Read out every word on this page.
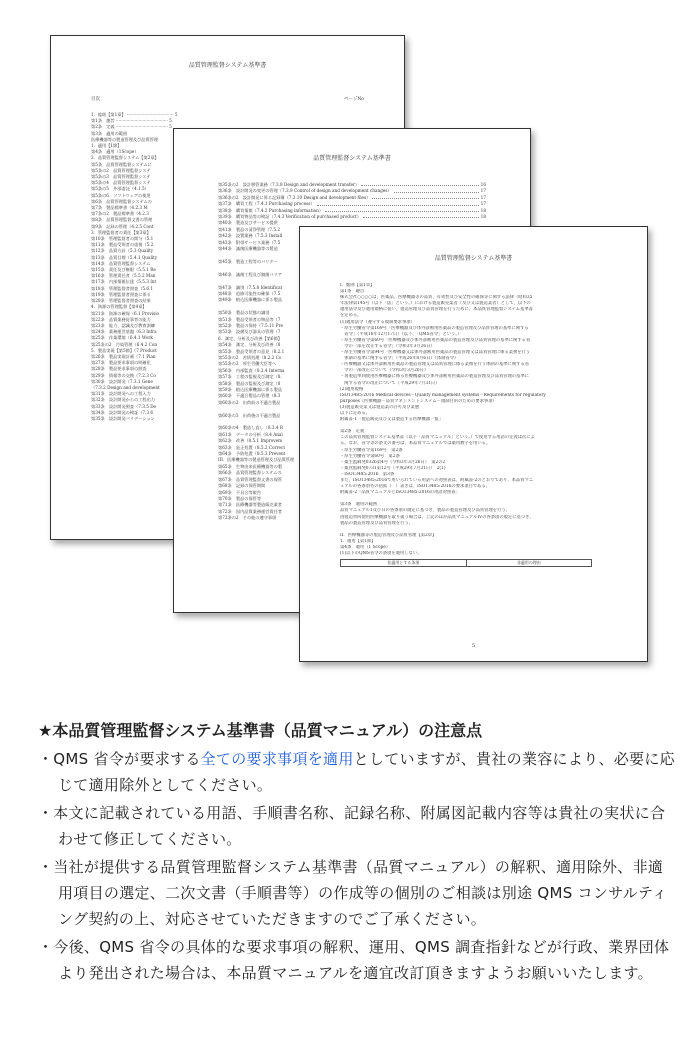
品質管理監督システム基準書
目次	ページNo
1．総則【第1章】 ··································· 5
第1条　趣旨 ······································· 5
第2条　定義 ······································· 5
第3条　適用の範囲
医療機器等の製造管理及び品質管理
1．適用【1節】
第4条　適用（1Scope）
2．品質管理監督システム【第2章】
第5条　品質管理監督システムに
第5条の2　品質管理監督システ
第5条の3　品質管理監督システ
第5条の4　品質管理監督システ
第5条の5　外部委託（4.1.5）
第5条の6　ソフトウェアの使用
第6条　品質管理監督システムの
第7条　製品標準書（4.2.3 M
第7条の2　製品標準書（4.2.3
第8条　品質管理監督文書の管理
第9条　記録の管理（4.2.5 Cont
3．管理監督者の責任【第3章】
第10条　管理監督者の関与（5.1
第11条　製品受領者の重視（5.2
第12条　品質方針（5.3 Quality
第13条　品質目標（5.4.1 Quality
第14条　品質管理監督システム
第15条　責任及び権限（5.5.1 Re
第16条　管理責任者（5.5.2 Man
第17条　内部情報伝達（5.5.3 Int
第18条　管理監督者照査（5.6.1
第19条　管理監督者照査に係る
第20条　管理監督者照査の結果
4．資源の管理監督【第4章】
第21条　資源の確保（6.1 Provisio
第22条　品質業務従事者の能力
第23条　能力、認識及び教育訓練
第24条　業務運営基盤（6.3 Infra
第25条　作業環境（6.4.1 Work
第25条の2　汚染管理（6.4.2 Con
5．製品実現【第5節】（7 Product
第26条　製品実現計画（7.1 Plan
第27条　製品要求事項の明確化
第28条　製品要求事項の照査
第29条　情報等の交換（7.2.3 Co
第30条　設計開発（7.3.1 Gene
（7.3.2 Design and development
第31条　設計開発への工程入力
第32条　設計開発からの工程出力
第33条　設計開発照査（7.3.5 De
第34条　設計開発の検証（7.3.6
第35条　設計開発バリデーション
品質管理監督システム基準書
第35条の2　設計移管業務（7.3.8 Design and development transfer）	16
第36条　設計開発の変更の管理（7.3.9 Control of design and development changes）	17
第36条の2　設計開発に係る記録簿（7.3.10 Design and development files）	17
第37条　購買工程（7.4.1 Purchasing process）	17
第38条　購買情報（7.4.2 Purchasing information）	18
第39条　購買物品等の検証（7.4.3 Verification of purchased product）	18
第40条　製造及びサービス提供
第41条　製品の清浄管理（7.5.2
第42条　設置業務（7.5.3 Install
第43条　附帯サービス業務（7.5
第44条　滅菌医療機器等の製造

第45条　製造工程等のバリデー

第46条　滅菌工程及び無菌バリア

第47条　識別（7.5.8 Identificat
第48条　追跡可能性の確保（7.5
第49条　植込医療機器に係る製品

第50条　製品の状態の識別
第51条　製品受領者の物品等（7
第52条　製品の保持（7.5.11 Pre
第53条　設備及び器具の管理（7
6．測定、分析及び改善【第6節】
第54条　測定、分析及び改善（8
第55条　製品受領者の意見（8.2.1
第55条の2　苦情処理（8.2.2 Co
第55条の3　厚生労働大臣等へ
第56条　内部監査（8.2.4 Interna
第57条　工程の監視及び測定（8.
第58条　製品の監視及び測定（8
第59条　植込医療機器に係る製品
第60条　不適合製品の管理（8.3
第60条の2　出荷前の不適合製品

第60条の3　出荷後の不適合製品

第60条の4　製造し直し（8.3.4 R
第61条　データの分析（8.4 Anal
第62条　改善（8.5.1 Improvem
第63条　是正処置（8.5.2 Correct
第64条　予防処置（8.5.3 Prevent
III．医療機器等の製造管理及び品質管理
第65条　生物由来医療機器等の製
第66条　品質管理監督システムの
第67条　品質管理監督文書の保管
第68条　記録の保管期間
第69条　不具合等報告
第70条　製品の保管等
第71条　医療機器等製造販売業者
第72条　国内品質業務運営責任者
第72条の2　その他の遵守事項
品質管理監督システム基準書
I．総則【第1章】
第1条　趣旨
株式会社○○○○は、医薬品、医療機器等の品質、有効性及び安全性の確保等に関する法律（昭和35
年法律第145号（以下「法」という。）における製造販売業者（及び又は製造業者）として、以下の
適用法令及び適用規格に従い、製造管理及び品質管理を行うために、本品質管理監督システム基準書
を定める。
(1)適用法令（遵守する規制要求事項）
・厚生労働省令第169号「医療機器及び体外診断用医薬品の製造管理及び品質管理の基準に関する
　省令」（平成16年12月17日）（以下、「QMS省令」という。）
・厚生労働省令第60号「医療機器及び体外診断用医薬品の製造管理及び品質管理の基準に関する省
　令の一部を改正する省令」（令和3年3月26日）
・厚生労働省令第94号「医療機器又は体外診断用医薬品の製造管理又は品質管理に係る業務を行う
　体制の基準に関する省令」（平成26年8月6日）（体制省令）
・医療機器又は体外診断用医薬品の製造管理又は品質管理に係る業務を行う体制の基準に関する省
　令の一部改正について（令和3年3月26日）
・再製造単回使用医療機器に係る医療機器及び体外診断用医薬品の製造管理及び品質管理の基準に
　関する省令の改正について（平成29年7月31日）
(2)適用規格
ISO13485:2016 Medical devices－Quality management systems－Requirements for regulatory
purposes（医療機器－品質マネジメントシステム－規制目的のための要求事項）
(3)製造販売業又は製造業の許可及び業態
以下に定める。
附属書-1「製造販売及び又は製造する医療機器一覧」

第2条　定義
この品質管理監督システム基準書（以下「品質マニュアル」という。）で使用する用語の定義は次によ
る。なお、省令等の条文の番号は、本品質マニュアルでは薬用数字を用いる。
・厚生労働省令第169号　第2条
・厚生労働省令第60号　第2条
・薬生監麻発0326第4号（令和3年3月26日）　第2の2
・薬食監麻発0731第12号（平成29年7月31日）　2(1)
・ISO13485:2016　第3条
また、ISO13485:2016で用いられている用語への対照表は、附属書-2のとおりであり、本品質マニ
ュアルの各条項名の括弧（　）書きは、ISO13485:2016の要求項目である。
附属書-2「品質マニュアルとISO13485:2016の用語対照表」

第3条　適用の範囲
品質マニュアル1及び日の各条項の規定に基づき、製品の製造管理及び品質管理を行う。
再製造単回使用医療機器を取り扱う場合は、上記のほか品質マニュアルIVの各条項の規定に基づき、
製品の製造管理及び品質管理を行う。

II．医療機器等の製造管理及び品質管理【第2章】
1．適用【第1節】
第4条　適用（1 Scope）
(1)以下のQMS省令の条項を適用しない。
非適用とする条項	非適用の理由
5
★本品質管理監督システム基準書（品質マニュアル）の注意点

・QMS 省令が要求する全ての要求事項を適用としていますが、貴社の業容により、必要に応じて適用除外としてください。

・本文に記載されている用語、手順書名称、記録名称、附属図記載内容等は貴社の実状に合わせて修正してください。

・当社が提供する品質管理監督システム基準書（品質マニュアル）の解釈、適用除外、非適用項目の選定、二次文書（手順書等）の作成等の個別のご相談は別途 QMS コンサルティング契約の上、対応させていただきますのでご了承ください。

・今後、QMS 省令の具体的な要求事項の解釈、運用、QMS 調査指針などが行政、業界団体より発出された場合は、本品質マニュアルを適宜改訂頂きますようお願いいたします。
